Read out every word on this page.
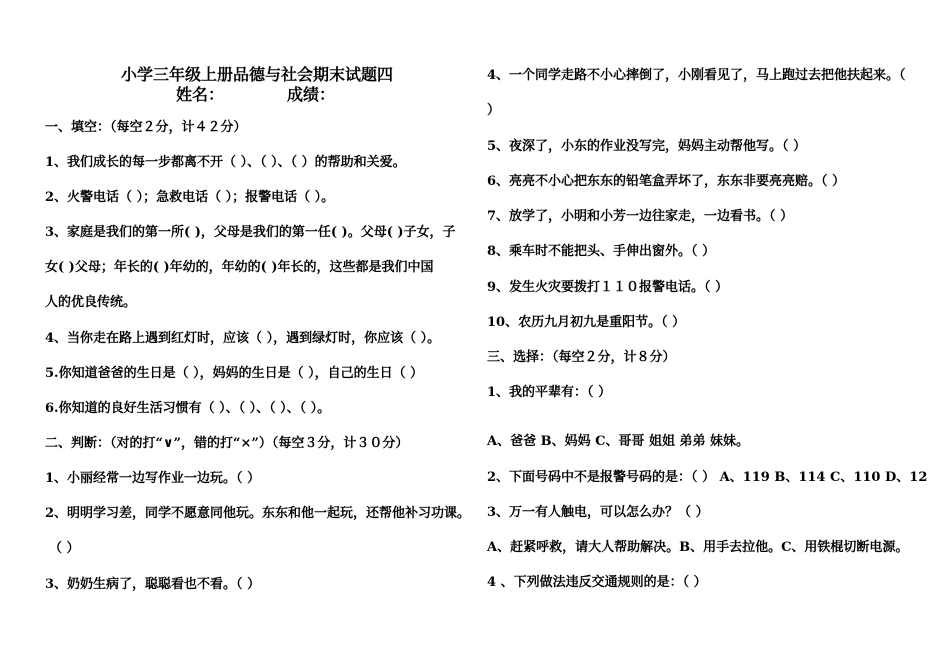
小学三年级上册品德与社会期末试题四
姓名：	成绩：
一、填空：（每空２分，计４２分）
1、我们成长的每一步都离不开（ ）、（ ）、（ ）的帮助和关爱。
2、火警电话（ ）；急救电话（ ）；报警电话（ ）。
3、家庭是我们的第一所( )，父母是我们的第一任( )。父母( )子女，子
女( )父母；年长的( )年幼的，年幼的( )年长的，这些都是我们中国
人的优良传统。
4、当你走在路上遇到红灯时，应该（ ），遇到绿灯时，你应该（ ）。
5.你知道爸爸的生日是（ ），妈妈的生日是（ ），自己的生日（ ）
6.你知道的良好生活习惯有（ ）、（ ）、（ ）、（ ）。
二、判断：（对的打“∨”，错的打“×”）（每空３分，计３０分）
1、小丽经常一边写作业一边玩。（ ）
2、明明学习差，同学不愿意同他玩。东东和他一起玩，还帮他补习功课。
（ ）
3、奶奶生病了，聪聪看也不看。（ ）
4、一个同学走路不小心摔倒了，小刚看见了，马上跑过去把他扶起来。（
）
5、夜深了，小东的作业没写完，妈妈主动帮他写。（ ）
6、亮亮不小心把东东的铅笔盒弄坏了，东东非要亮亮赔。（ ）
7、放学了，小明和小芳一边往家走，一边看书。（ ）
8、乘车时不能把头、手伸出窗外。（ ）
9、发生火灾要拨打１１０报警电话。（ ）
10、农历九月初九是重阳节。（ ）
三、选择：（每空２分，计８分）
1、我的平辈有：（ ）
A、爸爸 B、妈妈 C、哥哥 姐姐 弟弟 妹妹。
2、下面号码中不是报警号码的是：（ ） A、119 B、114 C、110 D、12
3、万一有人触电，可以怎么办？（ ）
A、赶紧呼救，请大人帮助解决。B、用手去拉他。C、用铁棍切断电源。
4 、下列做法违反交通规则的是：（ ）
